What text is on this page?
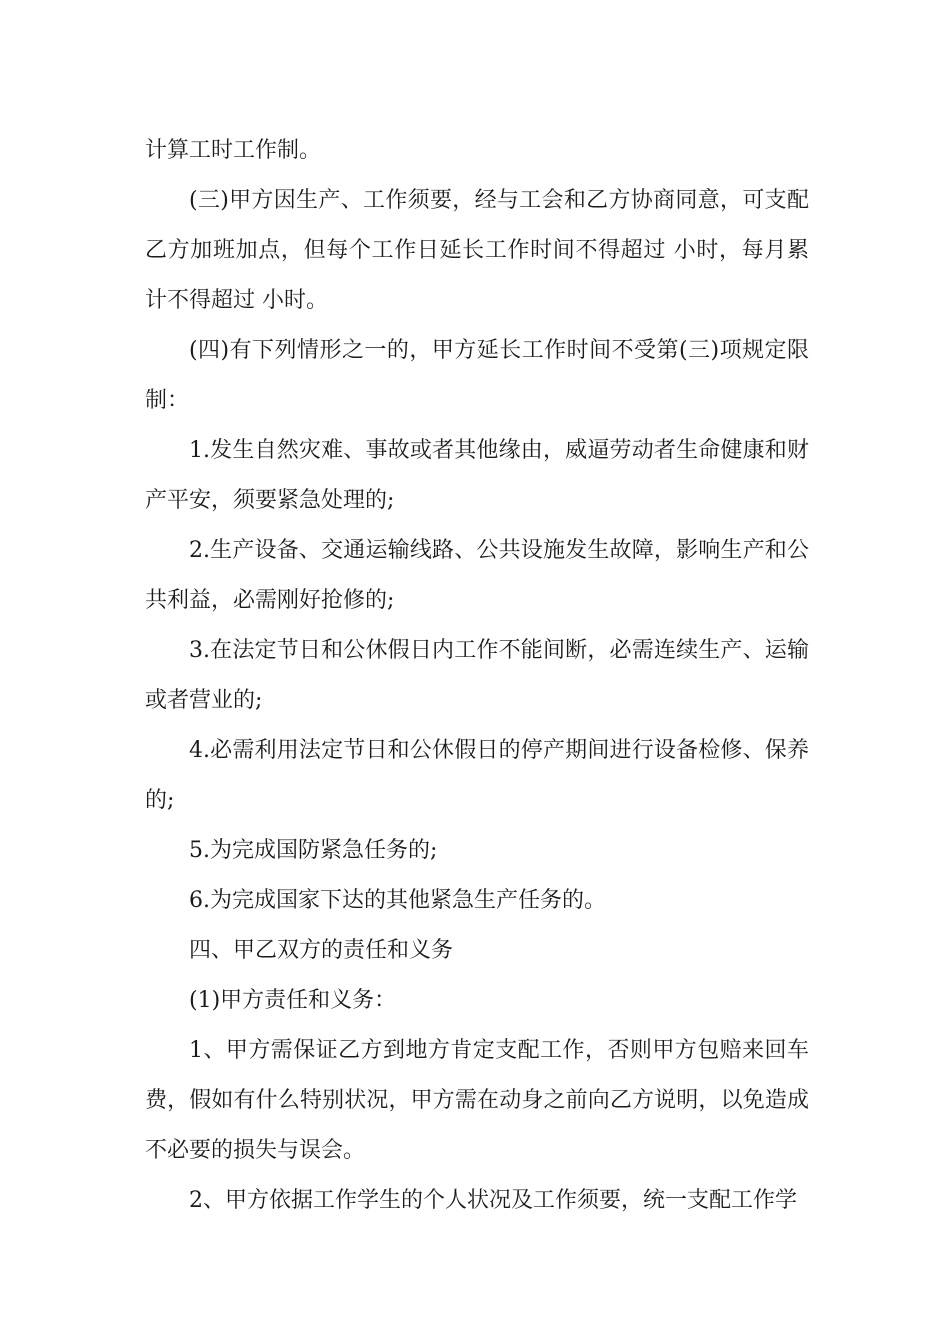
计算工时工作制。

(三)甲方因生产、工作须要，经与工会和乙方协商同意，可支配乙方加班加点，但每个工作日延长工作时间不得超过 小时，每月累计不得超过 小时。

(四)有下列情形之一的，甲方延长工作时间不受第(三)项规定限制：

1.发生自然灾难、事故或者其他缘由，威逼劳动者生命健康和财产平安，须要紧急处理的;

2.生产设备、交通运输线路、公共设施发生故障，影响生产和公共利益，必需刚好抢修的;

3.在法定节日和公休假日内工作不能间断，必需连续生产、运输或者营业的;

4.必需利用法定节日和公休假日的停产期间进行设备检修、保养的;

5.为完成国防紧急任务的;

6.为完成国家下达的其他紧急生产任务的。

四、甲乙双方的责任和义务

(1)甲方责任和义务：

1、甲方需保证乙方到地方肯定支配工作，否则甲方包赔来回车费，假如有什么特别状况，甲方需在动身之前向乙方说明，以免造成不必要的损失与误会。

2、甲方依据工作学生的个人状况及工作须要，统一支配工作学
